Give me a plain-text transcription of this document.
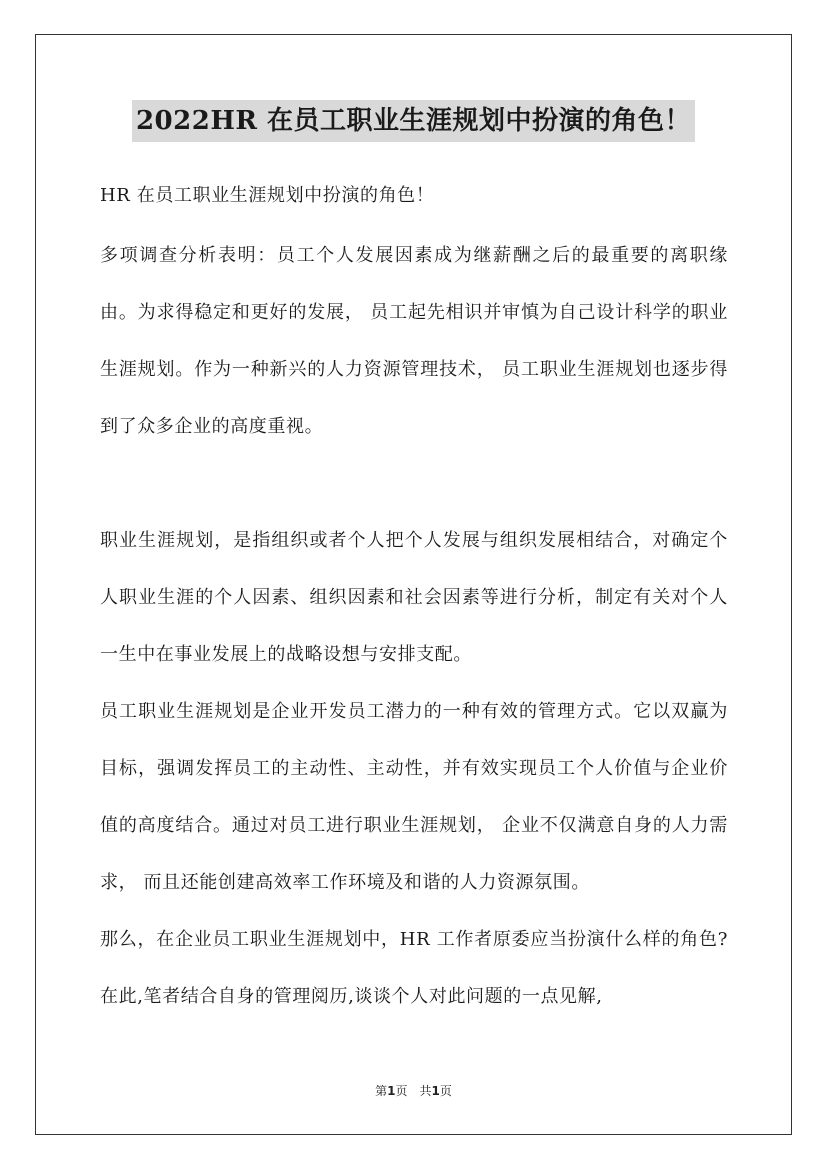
2022HR 在员工职业生涯规划中扮演的角色！

HR 在员工职业生涯规划中扮演的角色！

多项调查分析表明：员工个人发展因素成为继薪酬之后的最重要的离职缘由。为求得稳定和更好的发展， 员工起先相识并审慎为自己设计科学的职业生涯规划。作为一种新兴的人力资源管理技术， 员工职业生涯规划也逐步得到了众多企业的高度重视。

职业生涯规划，是指组织或者个人把个人发展与组织发展相结合，对确定个人职业生涯的个人因素、组织因素和社会因素等进行分析，制定有关对个人一生中在事业发展上的战略设想与安排支配。

员工职业生涯规划是企业开发员工潜力的一种有效的管理方式。它以双赢为目标，强调发挥员工的主动性、主动性，并有效实现员工个人价值与企业价值的高度结合。通过对员工进行职业生涯规划， 企业不仅满意自身的人力需求， 而且还能创建高效率工作环境及和谐的人力资源氛围。

那么，在企业员工职业生涯规划中，HR 工作者原委应当扮演什么样的角色?在此,笔者结合自身的管理阅历,谈谈个人对此问题的一点见解,

第1页　共1页
